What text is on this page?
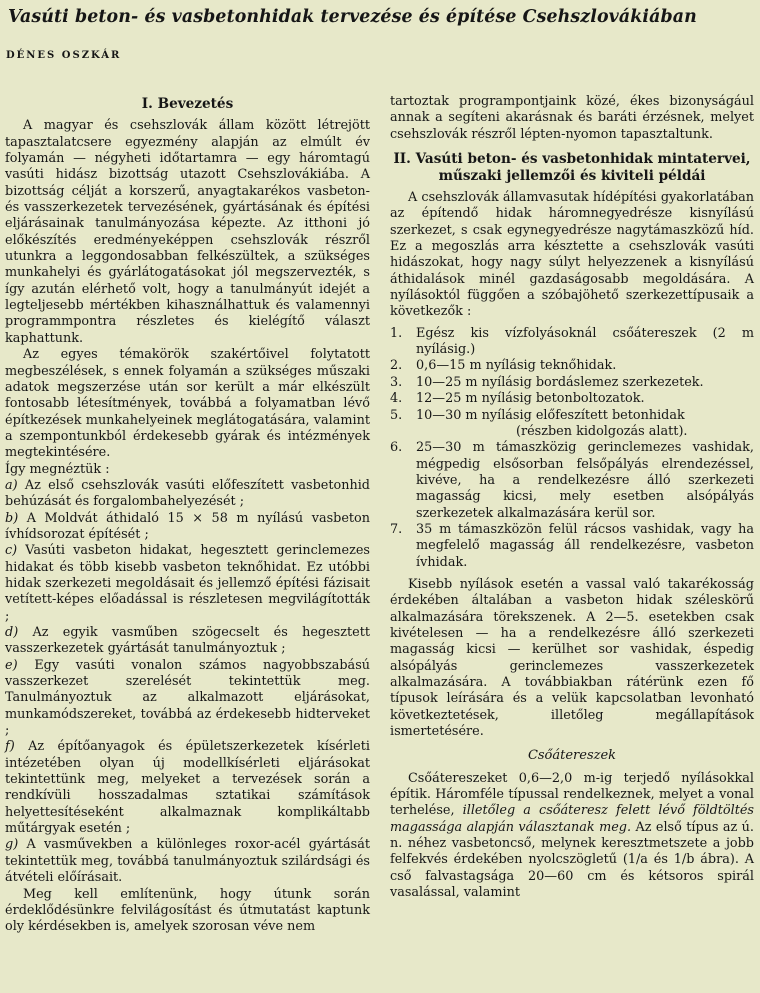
Vasúti beton- és vasbetonhidak tervezése és építése Csehszlovákiában
DÉNES OSZKÁR
I. Bevezetés

A magyar és csehszlovák állam között létrejött tapasztalatcsere egyezmény alapján az elmúlt év folyamán — négyheti időtartamra — egy háromtagú vasúti hidász bizottság utazott Csehszlovákiába. A bizottság célját a korszerű, anyagtakarékos vasbeton- és vasszerkezetek tervezésének, gyártásának és építési eljárásainak tanulmányozása képezte. Az itthoni jó előkészítés eredményeképpen csehszlovák részről utunkra a leggondosabban felkészültek, a szükséges munkahelyi és gyárlátogatásokat jól megszervezték, s így azután elérhető volt, hogy a tanulmányút idejét a legteljesebb mértékben kihasználhattuk és valamennyi programmpontra részletes és kielégítő választ kaphattunk.

Az egyes témakörök szakértőivel folytatott megbeszélések, s ennek folyamán a szükséges műszaki adatok megszerzése után sor került a már elkészült fontosabb létesítmények, továbbá a folyamatban lévő építkezések munkahelyeinek meglátogatására, valamint a szempontunkból érdekesebb gyárak és intézmények megtekintésére.

Így megnéztük :

a) Az első csehszlovák vasúti előfeszített vasbetonhid behúzását és forgalombahelyezését ;

b) A Moldvát áthidaló 15 × 58 m nyílású vasbeton ívhídsorozat építését ;

c) Vasúti vasbeton hidakat, hegesztett gerinclemezes hidakat és több kisebb vasbeton teknőhidat. Ez utóbbi hidak szerkezeti megoldásait és jellemző építési fázisait vetített-képes előadással is részletesen megvilágították ;

d) Az egyik vasműben szögecselt és hegesztett vasszerkezetek gyártását tanulmányoztuk ;

e) Egy vasúti vonalon számos nagyobbszabású vasszerkezet szerelését tekintettük meg. Tanulmányoztuk az alkalmazott eljárásokat, munkamódszereket, továbbá az érdekesebb hidterveket ;

f) Az építőanyagok és épületszerkezetek kísérleti intézetében olyan új modellkísérleti eljárásokat tekintettünk meg, melyeket a tervezések során a rendkívüli hosszadalmas sztatikai számítások helyettesítéseként alkalmaznak komplikáltabb műtárgyak esetén ;

g) A vasművekben a különleges roxor-acél gyártását tekintettük meg, továbbá tanulmányoztuk szilárdsági és átvételi előírásait.

Meg kell említenünk, hogy útunk során érdeklődésünkre felvilágosítást és útmutatást kaptunk oly kérdésekben is, amelyek szorosan véve nem

tartoztak programpontjaink közé, ékes bizonyságául annak a segíteni akarásnak és baráti érzésnek, melyet csehszlovák részről lépten-nyomon tapasztaltunk.

II. Vasúti beton- és vasbetonhidak mintatervei, műszaki jellemzői és kiviteli példái

A csehszlovák államvasutak hídépítési gyakorlatában az építendő hidak háromnegyedrésze kisnyílású szerkezet, s csak egynegyedrésze nagytámaszközű híd. Ez a megoszlás arra késztette a csehszlovák vasúti hidászokat, hogy nagy súlyt helyezzenek a kisnyílású áthidalások minél gazdaságosabb megoldására. A nyílásoktól függően a szóbajöhető szerkezettípusaik a következők :

1.	Egész kis vízfolyásoknál csőátereszek (2 m nyílásig.)
2.	0,6—15 m nyílásig teknőhidak.
3.	10—25 m nyílásig bordáslemez szerkezetek.
4.	12—25 m nyílásig betonboltozatok.
5.	10—30 m nyílásig előfeszített betonhidak
(részben kidolgozás alatt).
6.	25—30 m támaszközig gerinclemezes vashidak, mégpedig elsősorban felsőpályás elrendezéssel, kivéve, ha a rendelkezésre álló szerkezeti magasság kicsi, mely esetben alsópályás szerkezetek alkalmazására kerül sor.
7.	35 m támaszközön felül rácsos vashidak, vagy ha megfelelő magasság áll rendelkezésre, vasbeton ívhidak.

Kisebb nyílások esetén a vassal való takarékosság érdekében általában a vasbeton hidak széleskörű alkalmazására törekszenek. A 2—5. esetekben csak kivételesen — ha a rendelkezésre álló szerkezeti magasság kicsi — kerülhet sor vashidak, éspedig alsópályás gerinclemezes vasszerkezetek alkalmazására. A továbbiakban rátérünk ezen fő típusok leírására és a velük kapcsolatban levonható következtetések, illetőleg megállapítások ismertetésére.

Csőátereszek

Csőátereszeket 0,6—2,0 m-ig terjedő nyílásokkal építik. Háromféle típussal rendelkeznek, melyet a vonal terhelése, illetőleg a csőáteresz felett lévő földtöltés magassága alapján választanak meg. Az első típus az ú. n. néhez vasbetoncső, melynek keresztmetszete a jobb felfekvés érdekében nyolcszögletű (1/a és 1/b ábra). A cső falvastagsága 20—60 cm és kétsoros spirál vasalással, valamint
